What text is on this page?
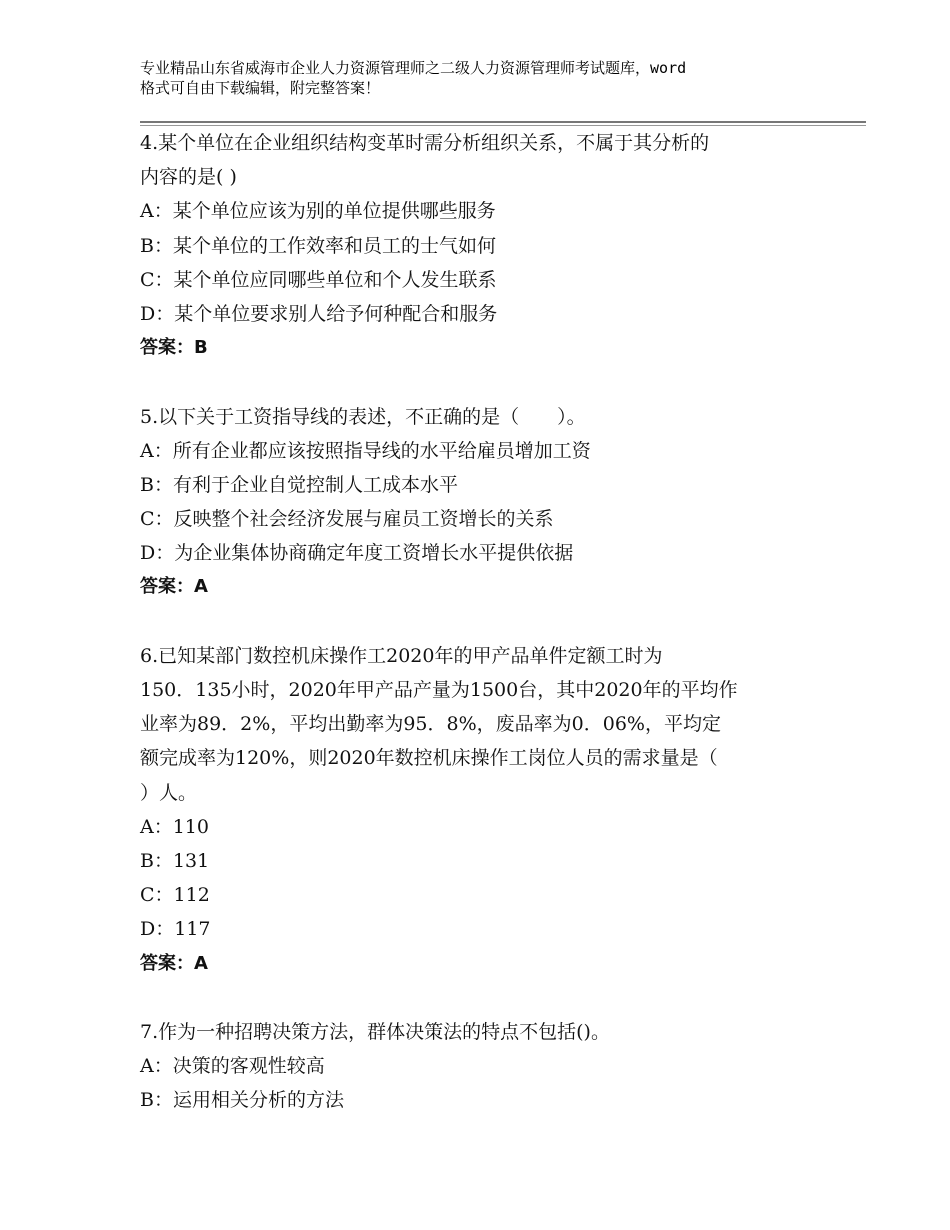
专业精品山东省威海市企业人力资源管理师之二级人力资源管理师考试题库，word
格式可自由下载编辑，附完整答案！
4.某个单位在企业组织结构变革时需分析组织关系，不属于其分析的
内容的是( )
A：某个单位应该为别的单位提供哪些服务
B：某个单位的工作效率和员工的士气如何
C：某个单位应同哪些单位和个人发生联系
D：某个单位要求别人给予何种配合和服务
答案：B
5.以下关于工资指导线的表述，不正确的是（　　）。
A：所有企业都应该按照指导线的水平给雇员增加工资
B：有利于企业自觉控制人工成本水平
C：反映整个社会经济发展与雇员工资增长的关系
D：为企业集体协商确定年度工资增长水平提供依据
答案：A
6.已知某部门数控机床操作工2020年的甲产品单件定额工时为
150．135小时，2020年甲产品产量为1500台，其中2020年的平均作
业率为89．2%，平均出勤率为95．8%，废品率为0．06%，平均定
额完成率为120%，则2020年数控机床操作工岗位人员的需求量是（
）人。
A：110
B：131
C：112
D：117
答案：A
7.作为一种招聘决策方法，群体决策法的特点不包括()。
A：决策的客观性较高
B：运用相关分析的方法
